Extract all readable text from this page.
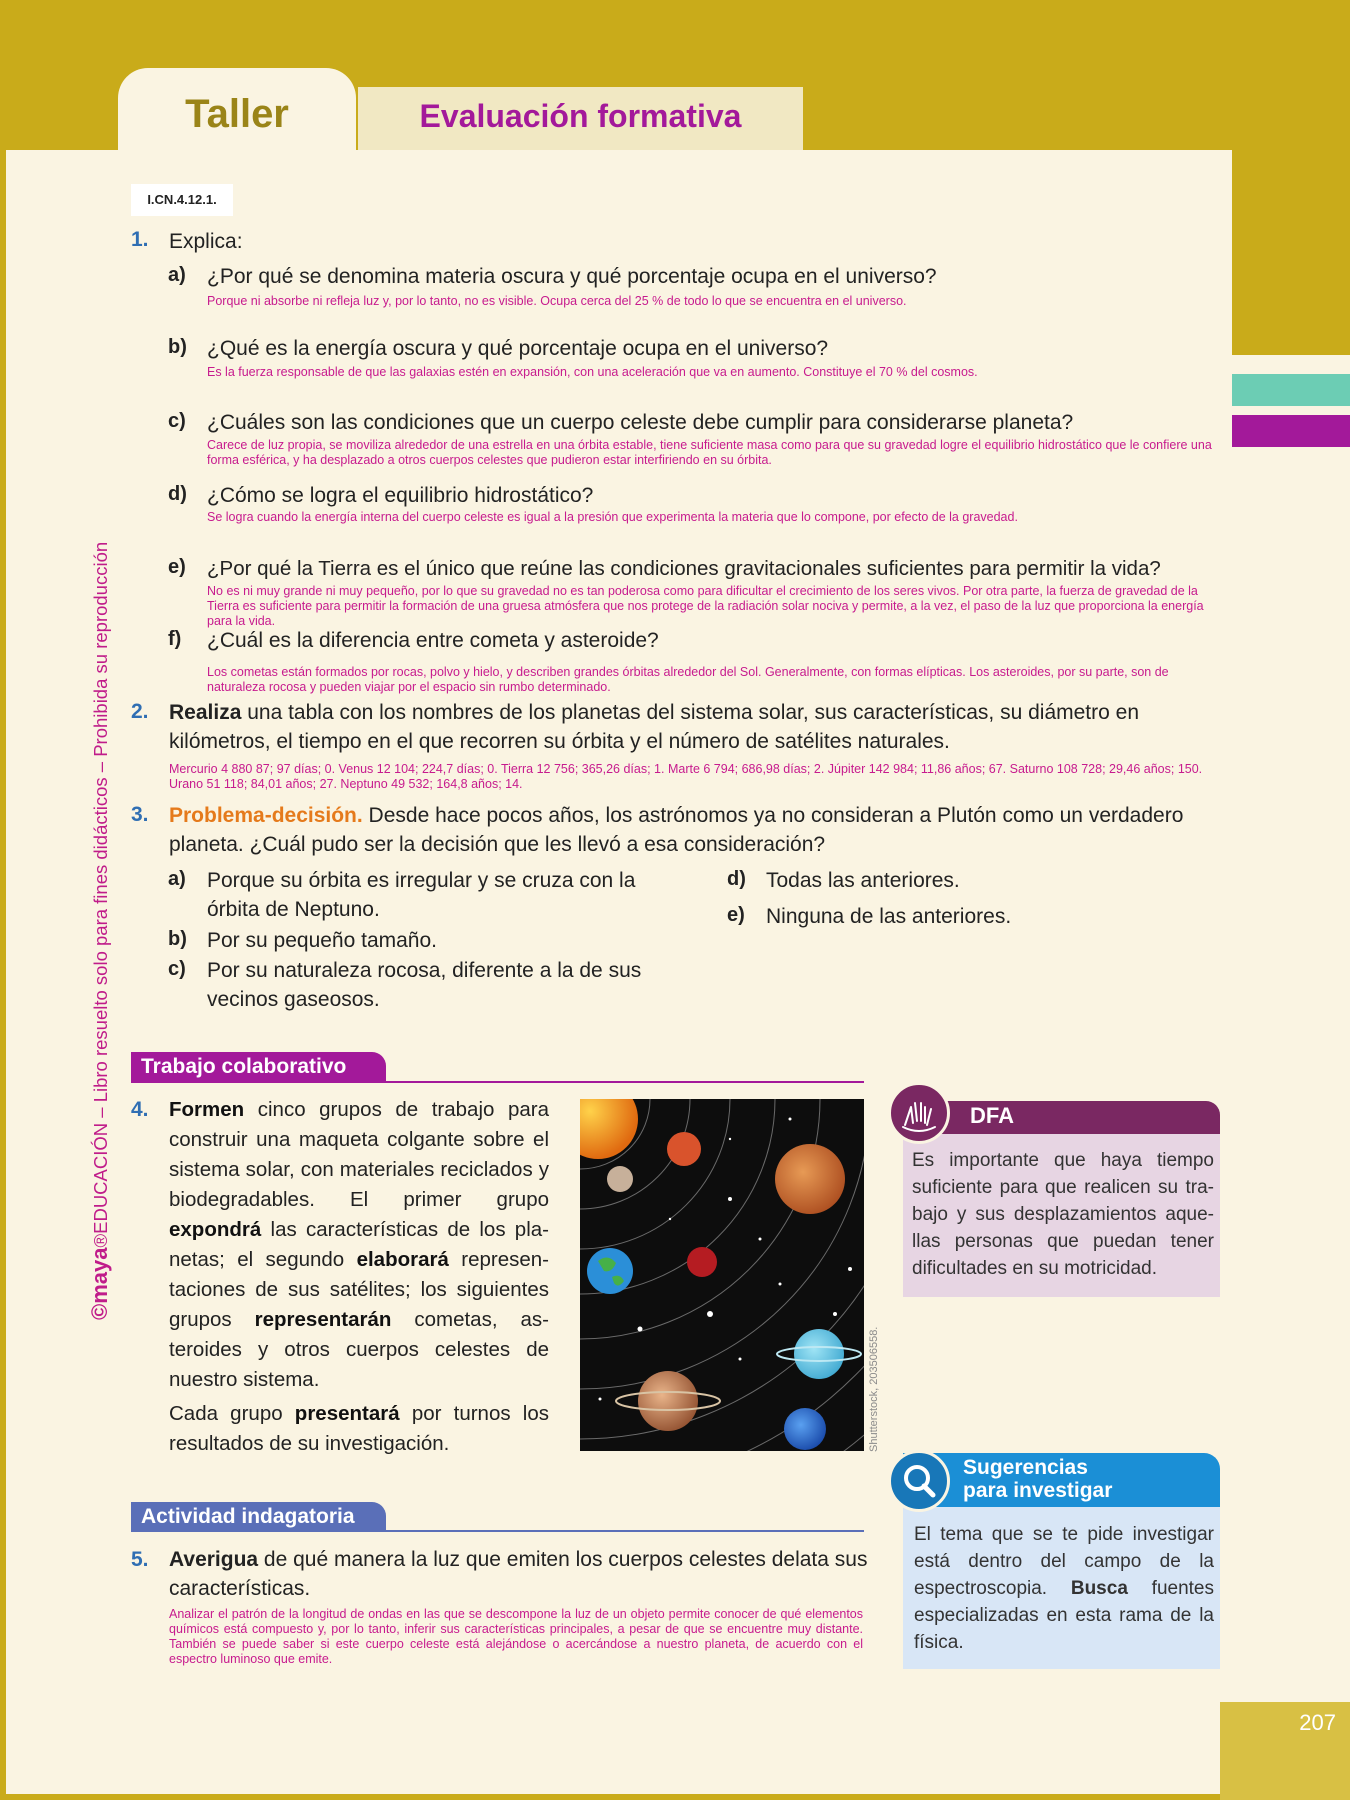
Taller	Evaluación formativa
I.CN.4.12.1.
©maya®EDUCACIÓN – Libro resuelto solo para fines didácticos – Prohibida su reproducción
207
1. Explica:
a) ¿Por qué se denomina materia oscura y qué porcentaje ocupa en el universo?
Porque ni absorbe ni refleja luz y, por lo tanto, no es visible. Ocupa cerca del 25 % de todo lo que se encuentra en el universo.
b) ¿Qué es la energía oscura y qué porcentaje ocupa en el universo?
Es la fuerza responsable de que las galaxias estén en expansión, con una aceleración que va en aumento. Constituye el 70 % del cosmos.
c) ¿Cuáles son las condiciones que un cuerpo celeste debe cumplir para considerarse planeta?
Carece de luz propia, se moviliza alrededor de una estrella en una órbita estable, tiene suficiente masa como para que su gravedad logre el equilibrio hidrostático que le confiere una forma esférica, y ha desplazado a otros cuerpos celestes que pudieron estar interfiriendo en su órbita.
d) ¿Cómo se logra el equilibrio hidrostático?
Se logra cuando la energía interna del cuerpo celeste es igual a la presión que experimenta la materia que lo compone, por efecto de la gravedad.
e) ¿Por qué la Tierra es el único que reúne las condiciones gravitacionales suficientes para permitir la vida?
No es ni muy grande ni muy pequeño, por lo que su gravedad no es tan poderosa como para dificultar el crecimiento de los seres vivos. Por otra parte, la fuerza de gravedad de la Tierra es suficiente para permitir la formación de una gruesa atmósfera que nos protege de la radiación solar nociva y permite, a la vez, el paso de la luz que proporciona la energía para la vida.
f) ¿Cuál es la diferencia entre cometa y asteroide?
Los cometas están formados por rocas, polvo y hielo, y describen grandes órbitas alrededor del Sol. Generalmente, con formas elípticas. Los asteroides, por su parte, son de naturaleza rocosa y pueden viajar por el espacio sin rumbo determinado.
2. Realiza una tabla con los nombres de los planetas del sistema solar, sus características, su diámetro en kilómetros, el tiempo en el que recorren su órbita y el número de satélites naturales.
Mercurio 4 880 87; 97 días; 0. Venus 12 104; 224,7 días; 0. Tierra 12 756; 365,26 días; 1. Marte 6 794; 686,98 días; 2. Júpiter 142 984; 11,86 años; 67. Saturno 108 728; 29,46 años; 150. Urano 51 118; 84,01 años; 27. Neptuno 49 532; 164,8 años; 14.
3. Problema-decisión. Desde hace pocos años, los astrónomos ya no consideran a Plutón como un verdadero planeta. ¿Cuál pudo ser la decisión que les llevó a esa consideración?
a) Porque su órbita es irregular y se cruza con la órbita de Neptuno.
b) Por su pequeño tamaño.
c) Por su naturaleza rocosa, diferente a la de sus vecinos gaseosos.
d) Todas las anteriores.
e) Ninguna de las anteriores.
Trabajo colaborativo
4. Formen cinco grupos de trabajo para construir una maqueta colgante sobre el sistema solar, con materiales reciclados y biodegradables. El primer grupo expondrá las características de los planetas; el segundo elaborará representaciones de sus satélites; los siguientes grupos representarán cometas, asteroides y otros cuerpos celestes de nuestro sistema.
Cada grupo presentará por turnos los resultados de su investigación.	Shutterstock, 203506558.
DFA
Es importante que haya tiempo suficiente para que realicen su trabajo y sus desplazamientos aquellas personas que puedan tener dificultades en su motricidad.
Sugerencias
para investigar
El tema que se te pide investigar está dentro del campo de la espectroscopia. Busca fuentes especializadas en esta rama de la física.
Actividad indagatoria
5. Averigua de qué manera la luz que emiten los cuerpos celestes delata sus características.
Analizar el patrón de la longitud de ondas en las que se descompone la luz de un objeto permite conocer de qué elementos químicos está compuesto y, por lo tanto, inferir sus características principales, a pesar de que se encuentre muy distante. También se puede saber si este cuerpo celeste está alejándose o acercándose a nuestro planeta, de acuerdo con el espectro luminoso que emite.
